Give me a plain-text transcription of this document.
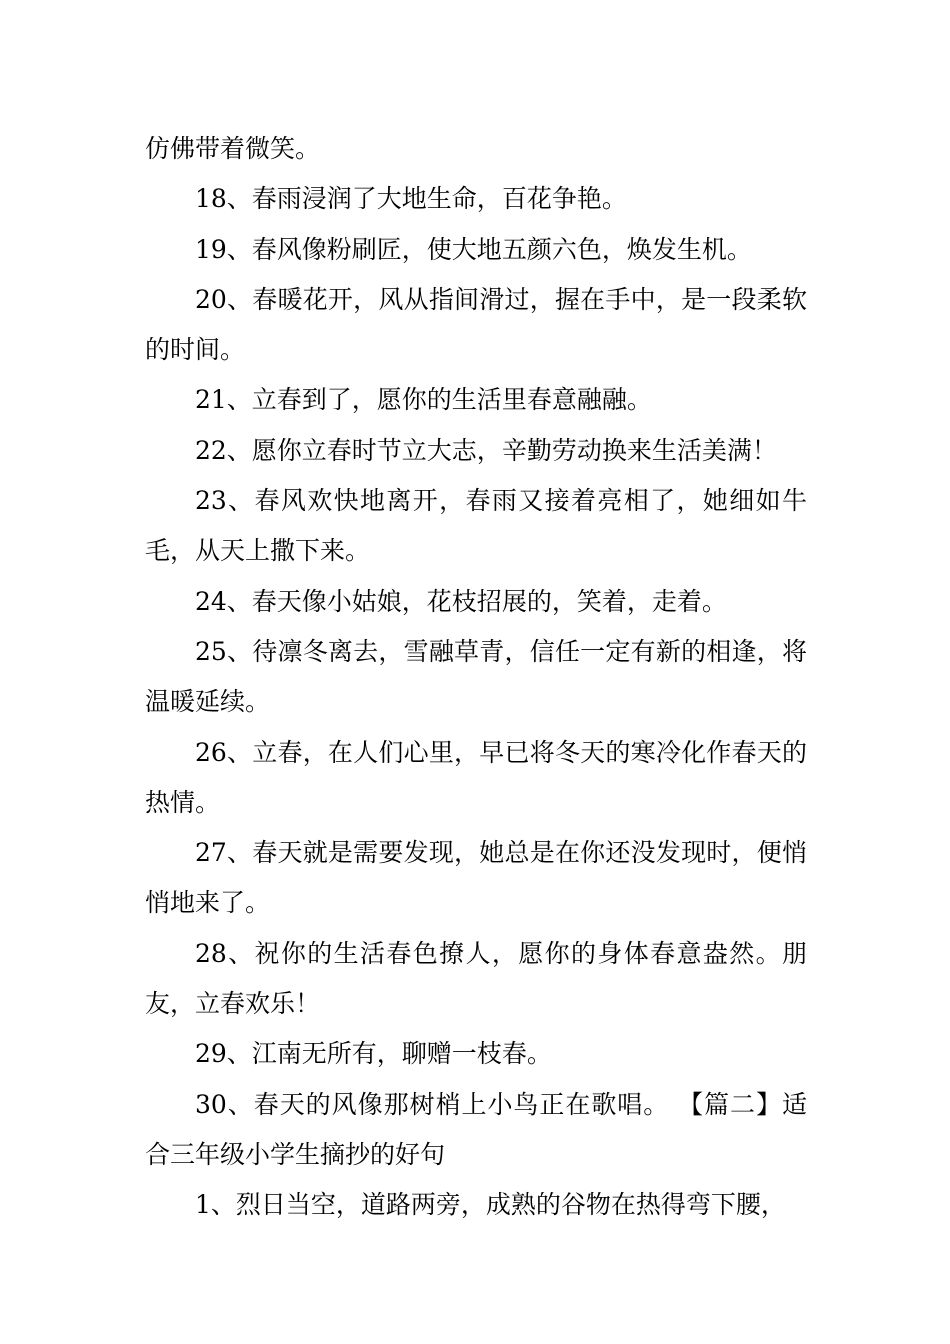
仿佛带着微笑。

18、春雨浸润了大地生命，百花争艳。

19、春风像粉刷匠，使大地五颜六色，焕发生机。

20、春暖花开，风从指间滑过，握在手中，是一段柔软的时间。

21、立春到了，愿你的生活里春意融融。

22、愿你立春时节立大志，辛勤劳动换来生活美满！

23、春风欢快地离开，春雨又接着亮相了，她细如牛毛，从天上撒下来。

24、春天像小姑娘，花枝招展的，笑着，走着。

25、待凛冬离去，雪融草青，信任一定有新的相逢，将温暖延续。

26、立春，在人们心里，早已将冬天的寒冷化作春天的热情。

27、春天就是需要发现，她总是在你还没发现时，便悄悄地来了。

28、祝你的生活春色撩人，愿你的身体春意盎然。朋友，立春欢乐！

29、江南无所有，聊赠一枝春。

30、春天的风像那树梢上小鸟正在歌唱。 【篇二】适合三年级小学生摘抄的好句

1、烈日当空，道路两旁，成熟的谷物在热得弯下腰，
